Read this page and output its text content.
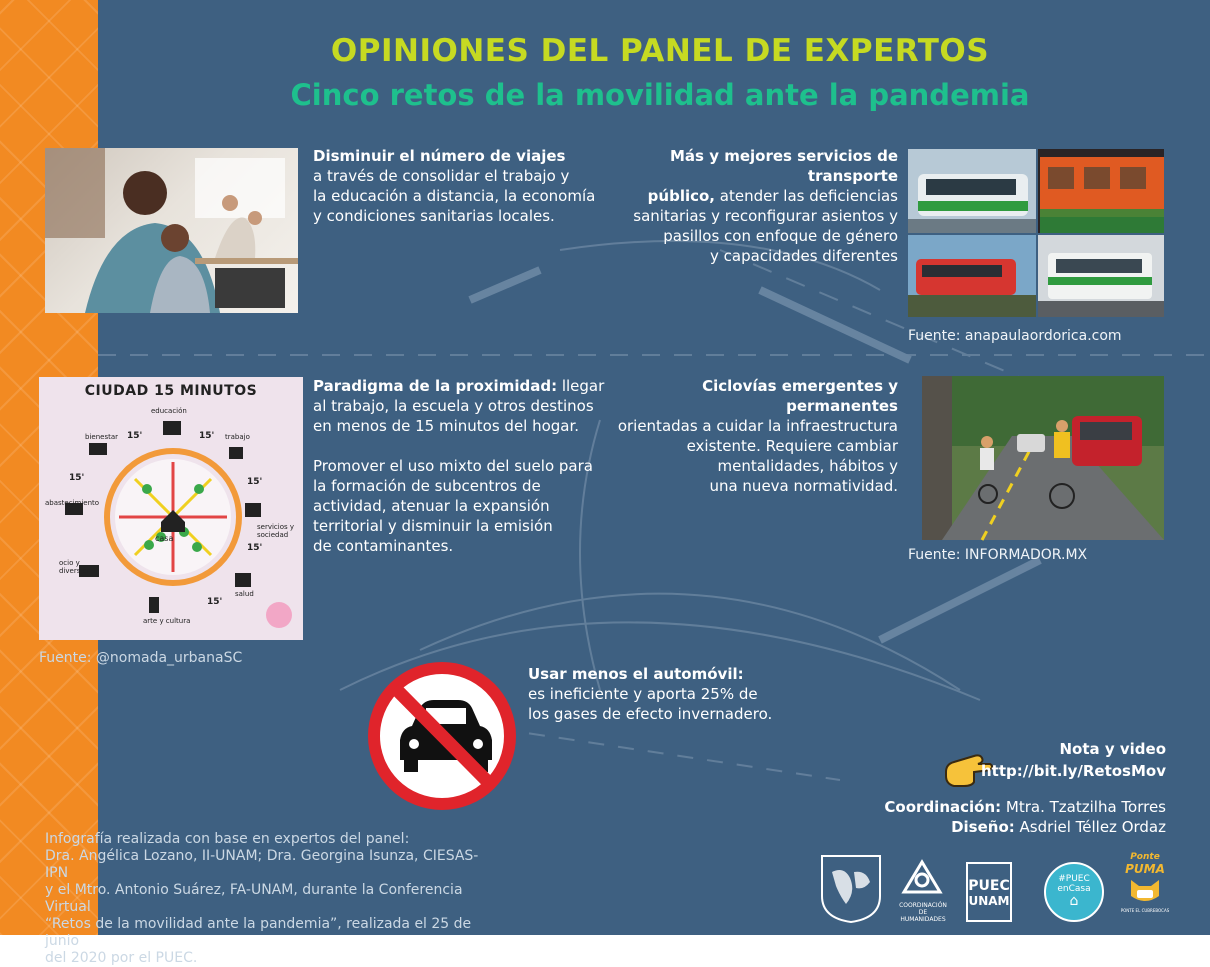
OPINIONES DEL PANEL DE EXPERTOS
Cinco retos de la movilidad ante la pandemia
Disminuir el número de viajes
a través de consolidar el trabajo y
la educación a distancia, la economía
y condiciones sanitarias locales.
Más y mejores servicios de transporte
público, atender las deficiencias
sanitarias y reconfigurar asientos y
pasillos con enfoque de género
y capacidades diferentes
Fuente: anapaulaordorica.com
CIUDAD 15 MINUTOS
casa
educación
trabajo
servicios y sociedad
salud
arte y cultura
ocio y diversión
abastecimiento
bienestar 15'	15'
15'
15'
15'
15'
Fuente: @nomada_urbanaSC
Paradigma de la proximidad: llegar
al trabajo, la escuela y otros destinos
en menos de 15 minutos del hogar.

Promover el uso mixto del suelo para
la formación de subcentros de
actividad, atenuar la expansión
territorial y disminuir la emisión
de contaminantes.
Ciclovías emergentes y permanentes
orientadas a cuidar la infraestructura
existente. Requiere cambiar
mentalidades, hábitos y
una nueva normatividad.
Fuente: INFORMADOR.MX
Usar menos el automóvil:
es ineficiente y aporta 25% de
los gases de efecto invernadero.
Nota y video
http://bit.ly/RetosMov
Coordinación: Mtra. Tzatzilha Torres
Diseño: Asdriel Téllez Ordaz
Infografía realizada con base en expertos del panel:
Dra. Angélica Lozano, II-UNAM; Dra. Georgina Isunza, CIESAS-IPN
y el Mtro. Antonio Suárez, FA-UNAM, durante la Conferencia Virtual
“Retos de la movilidad ante la pandemia”, realizada el 25 de junio
del 2020 por el PUEC.
COORDINACIÓN DE HUMANIDADES
PUEC
UNAM
#PUEC
enCasa
⌂
Ponte
PUMA
PONTE EL CUBREBOCAS
